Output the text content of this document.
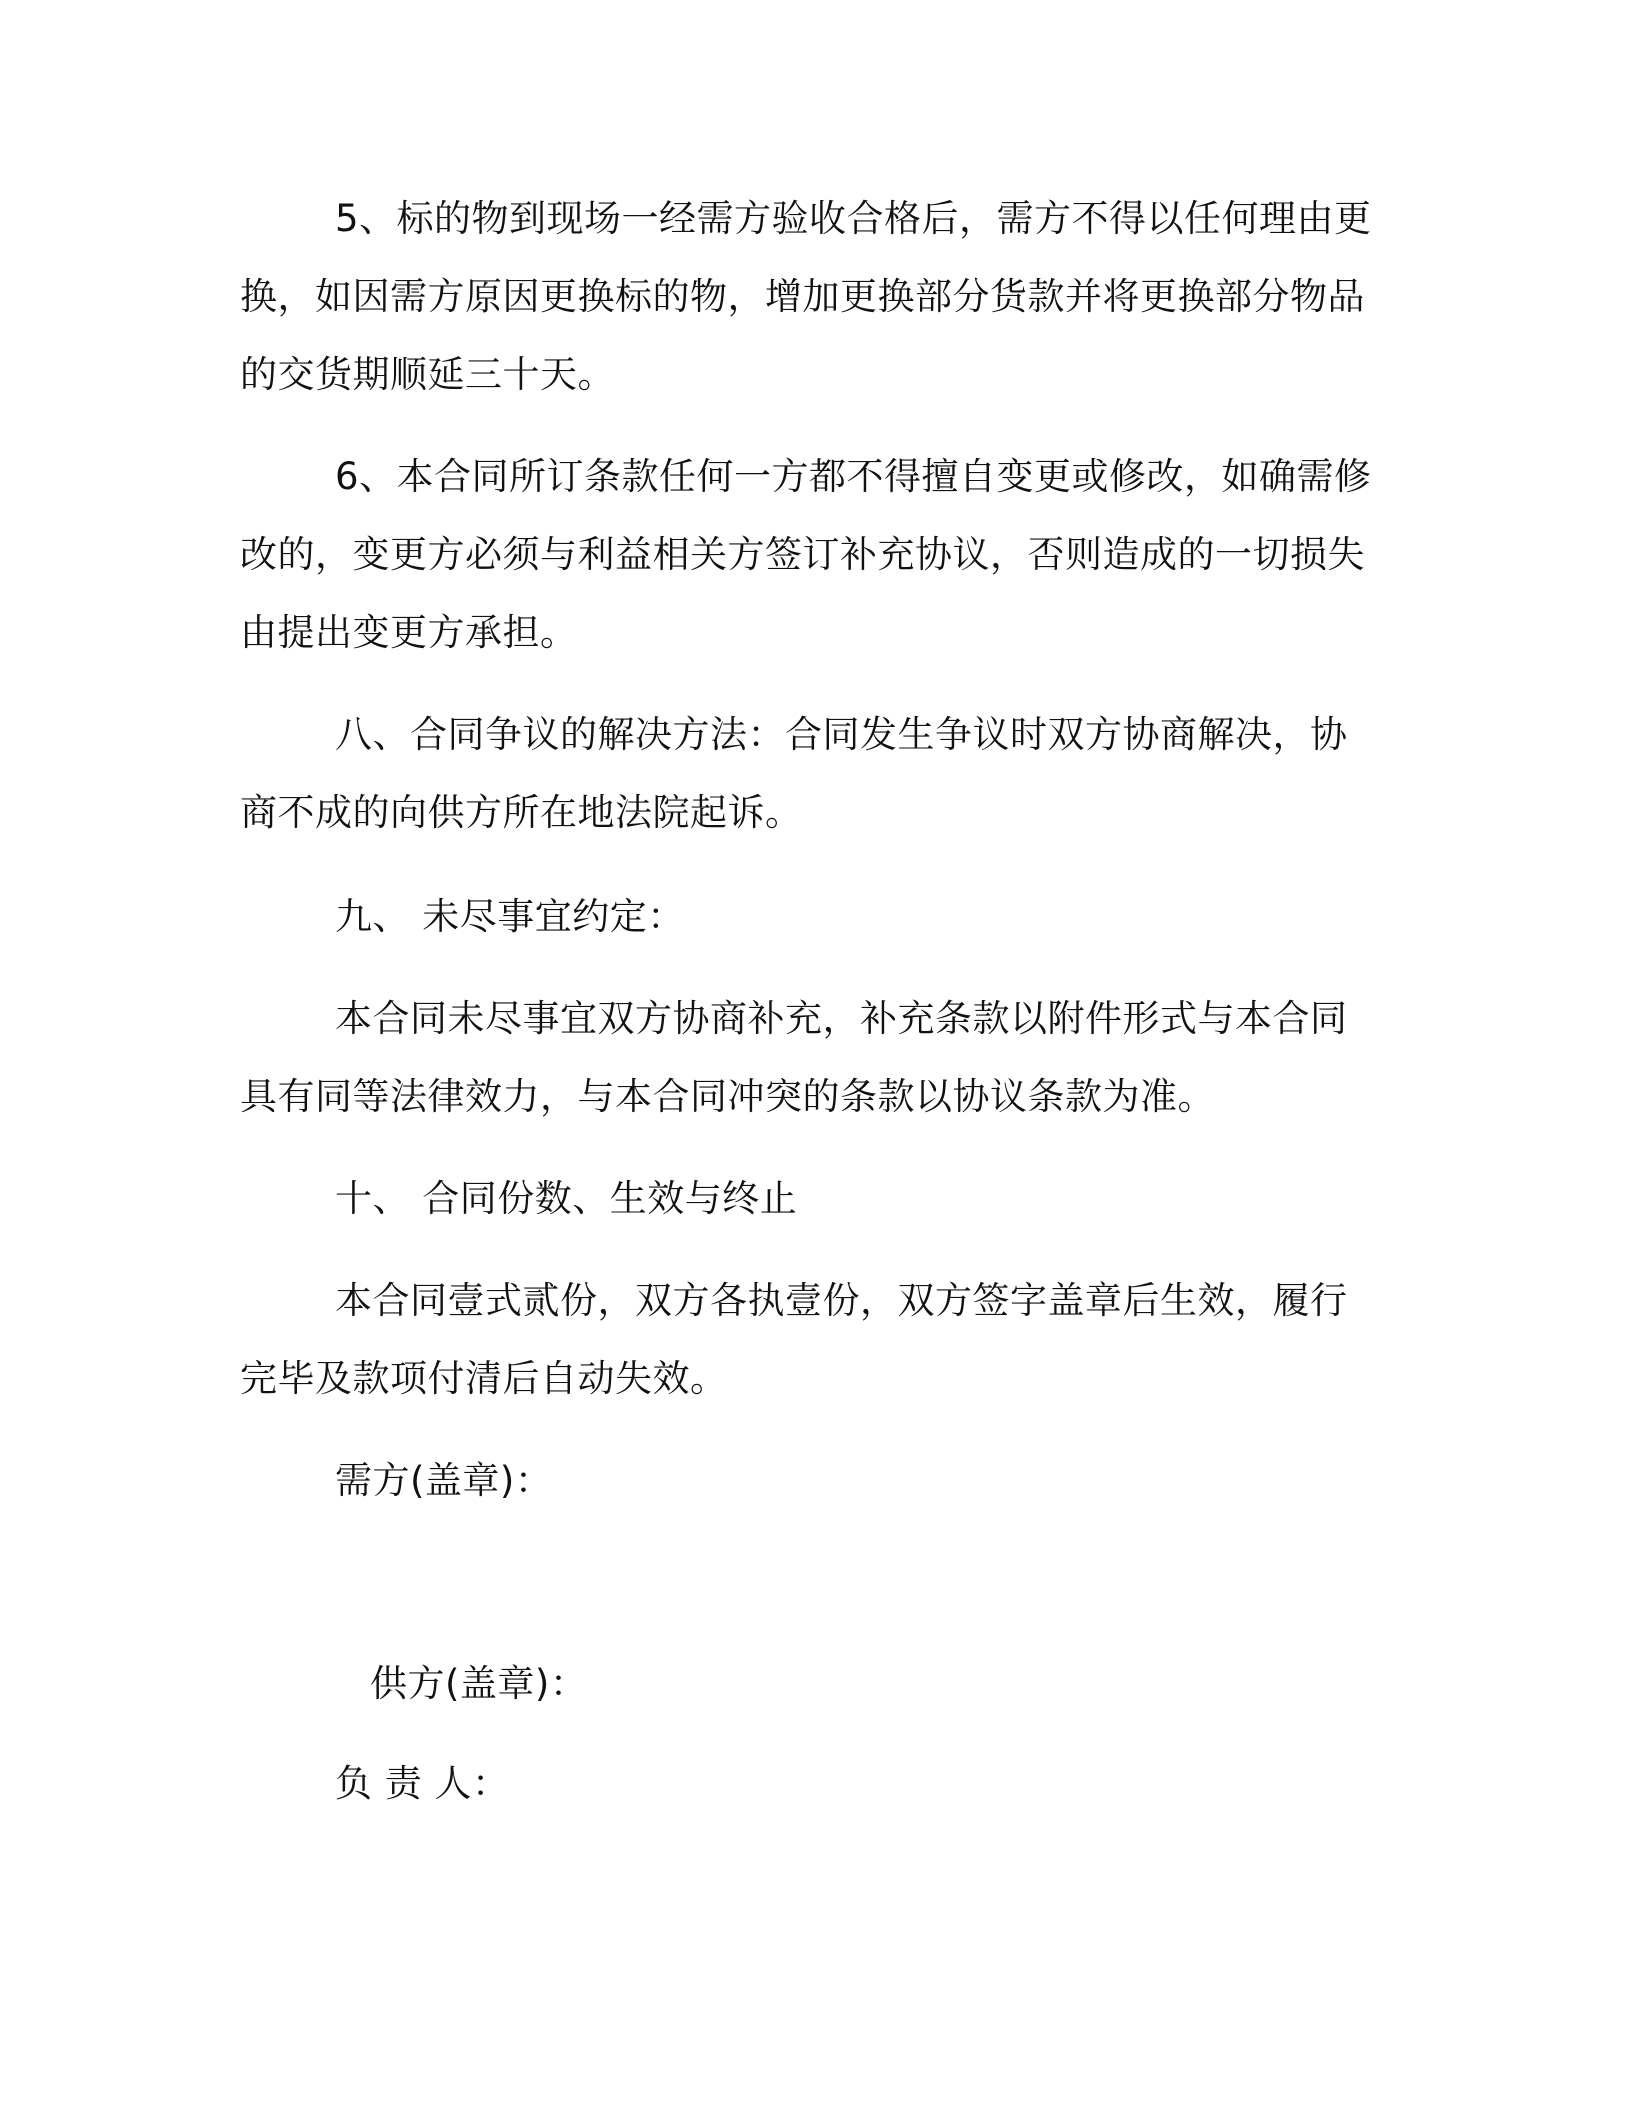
5、标的物到现场一经需方验收合格后，需方不得以任何理由更换，如因需方原因更换标的物，增加更换部分货款并将更换部分物品的交货期顺延三十天。

6、本合同所订条款任何一方都不得擅自变更或修改，如确需修改的，变更方必须与利益相关方签订补充协议，否则造成的一切损失由提出变更方承担。

八、合同争议的解决方法：合同发生争议时双方协商解决，协商不成的向供方所在地法院起诉。

九、 未尽事宜约定：

本合同未尽事宜双方协商补充，补充条款以附件形式与本合同具有同等法律效力，与本合同冲突的条款以协议条款为准。

十、 合同份数、生效与终止

本合同壹式贰份，双方各执壹份，双方签字盖章后生效，履行完毕及款项付清后自动失效。

需方(盖章)：

供方(盖章)：

负 责 人：
